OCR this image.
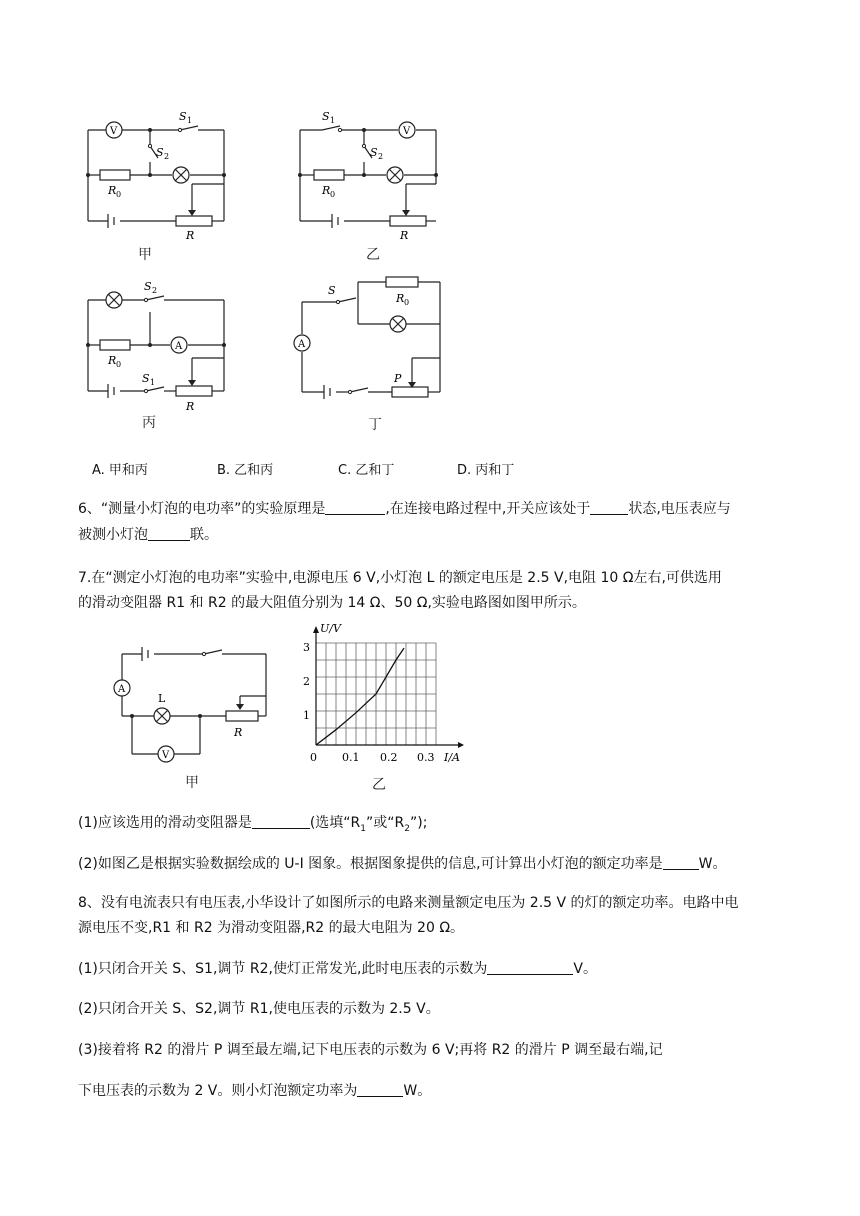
V
S 1
S 2
R 0
R
甲
V
S 1
S 2
R 0
R
乙
A
S 2
S 1
R 0
R
丙
A
S
R 0
P
丁
A. 甲和丙	B. 乙和丙	C. 乙和丁	D. 丙和丁
6、“测量小灯泡的电功率”的实验原理是	,在连接电路过程中,开关应该处于	状态,电压表应与
被测小灯泡	联。
7.在“测定小灯泡的电功率”实验中,电源电压 6 V,小灯泡 L 的额定电压是 2.5 V,电阻 10 Ω左右,可供选用
的滑动变阻器 R1 和 R2 的最大阻值分别为 14 Ω、50 Ω,实验电路图如图甲所示。
A
V
L
R
甲
U/V
I/A
0 0.1 0.2 0.3
1
2
3
乙
(1)应该选用的滑动变阻器是	(选填“$R_1$”或“$R_2$”);
(2)如图乙是根据实验数据绘成的 U-I 图象。根据图象提供的信息,可计算出小灯泡的额定功率是	W。
8、没有电流表只有电压表,小华设计了如图所示的电路来测量额定电压为 2.5 V 的灯的额定功率。电路中电
源电压不变,R1 和 R2 为滑动变阻器,R2 的最大电阻为 20 Ω。
(1)只闭合开关 S、S1,调节 R2,使灯正常发光,此时电压表的示数为	V。
(2)只闭合开关 S、S2,调节 R1,使电压表的示数为 2.5 V。
(3)接着将 R2 的滑片 P 调至最左端,记下电压表的示数为 6 V;再将 R2 的滑片 P 调至最右端,记
下电压表的示数为 2 V。则小灯泡额定功率为	W。
